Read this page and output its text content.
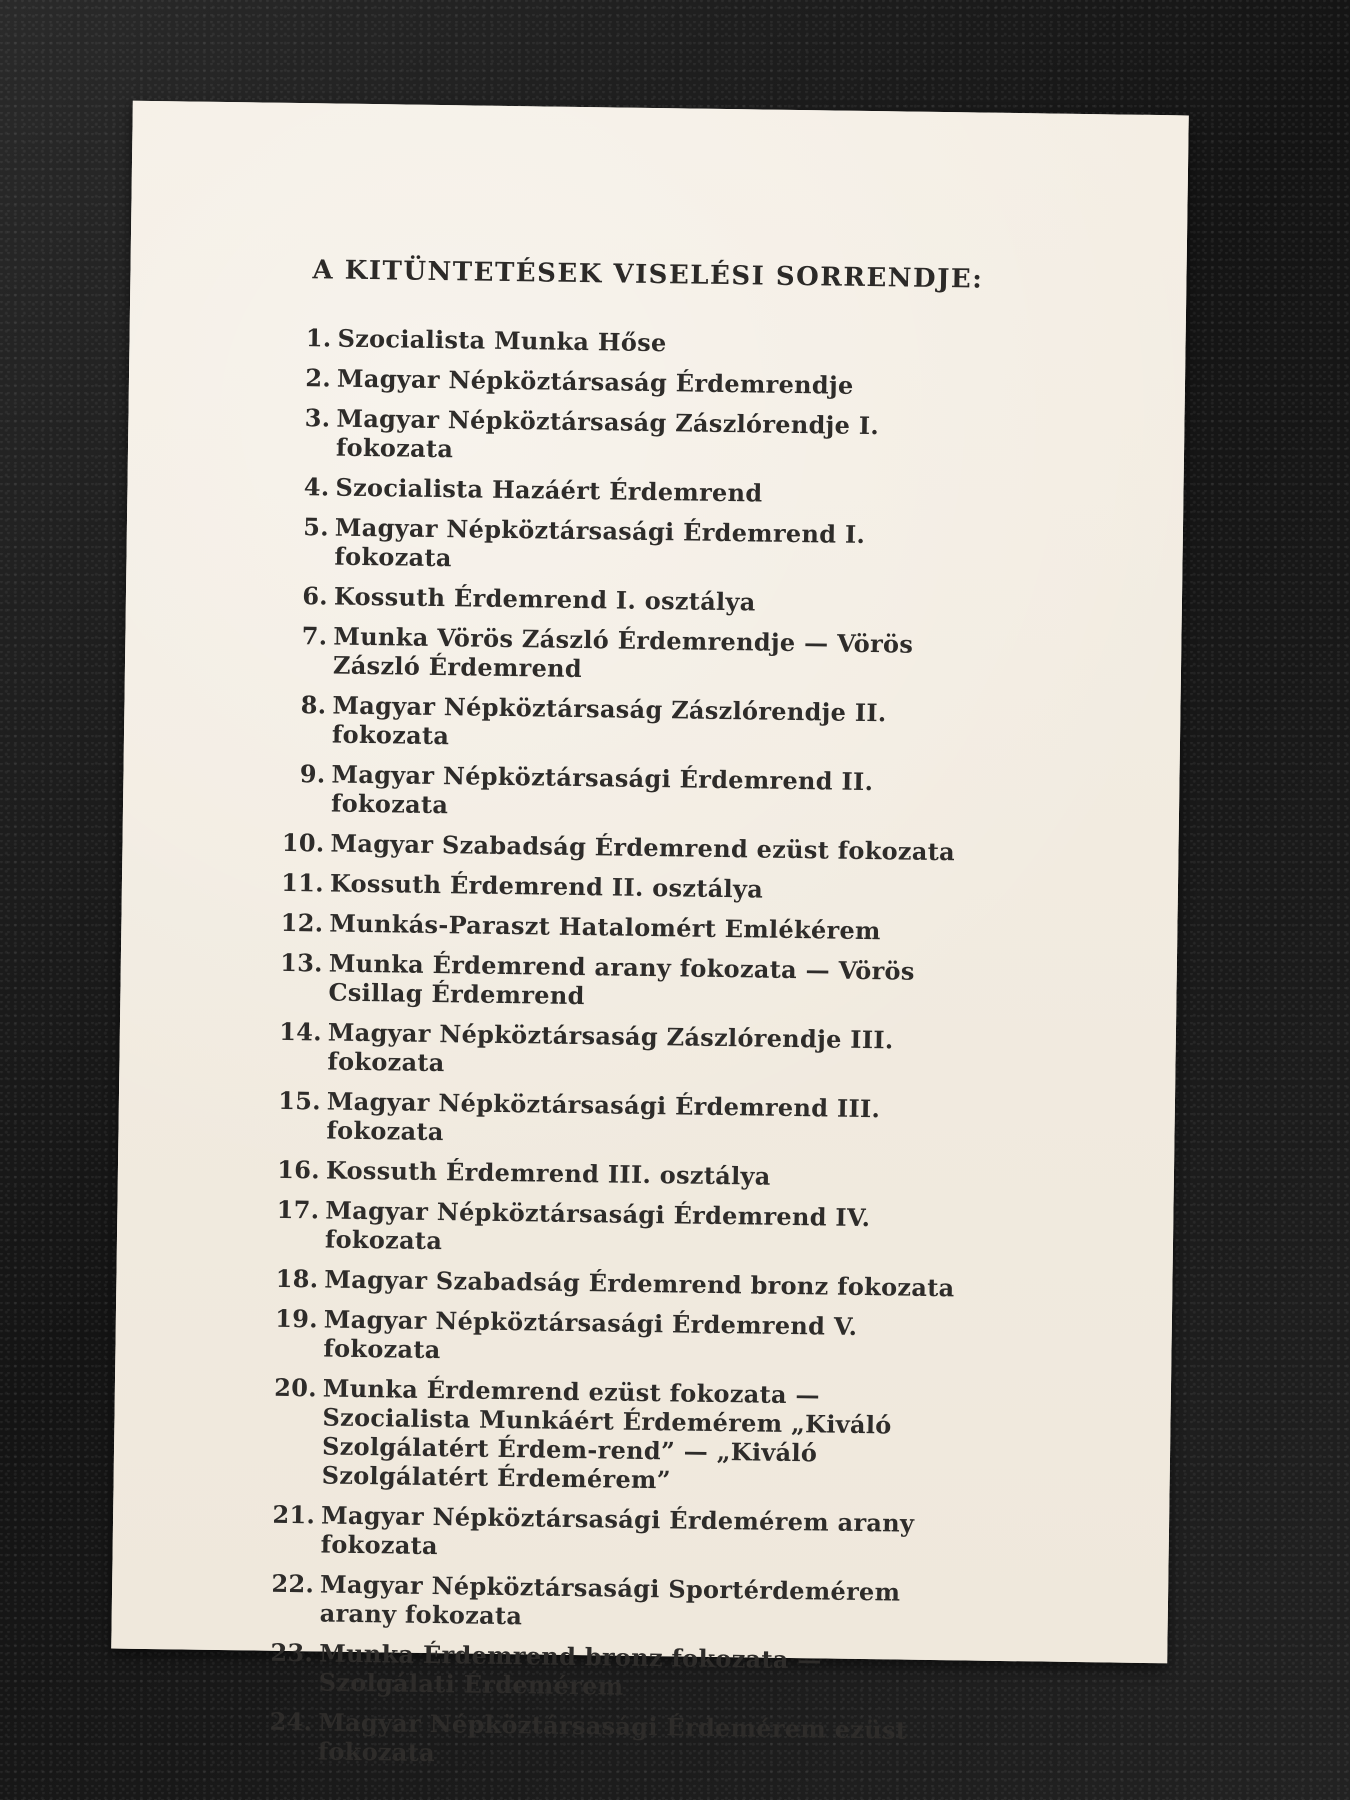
A KITÜNTETÉSEK VISELÉSI SORRENDJE:
1. Szocialista Munka Hőse
2. Magyar Népköztársaság Érdemrendje
3. Magyar Népköztársaság Zászlórendje I. fokozata
4. Szocialista Hazáért Érdemrend
5. Magyar Népköztársasági Érdemrend I. fokozata
6. Kossuth Érdemrend I. osztálya
7. Munka Vörös Zászló Érdemrendje — Vörös Zászló Érdemrend
8. Magyar Népköztársaság Zászlórendje II. fokozata
9. Magyar Népköztársasági Érdemrend II. fokozata
10. Magyar Szabadság Érdemrend ezüst fokozata
11. Kossuth Érdemrend II. osztálya
12. Munkás-Paraszt Hatalomért Emlékérem
13. Munka Érdemrend arany fokozata — Vörös Csillag Érdemrend
14. Magyar Népköztársaság Zászlórendje III. fokozata
15. Magyar Népköztársasági Érdemrend III. fokozata
16. Kossuth Érdemrend III. osztálya
17. Magyar Népköztársasági Érdemrend IV. fokozata
18. Magyar Szabadság Érdemrend bronz fokozata
19. Magyar Népköztársasági Érdemrend V. fokozata
20. Munka Érdemrend ezüst fokozata — Szocialista Munkáért Érdemérem „Kiváló Szolgálatért Érdem-rend” — „Kiváló Szolgálatért Érdemérem”
21. Magyar Népköztársasági Érdemérem arany fokozata
22. Magyar Népköztársasági Sportérdemérem arany fokozata
23. Munka Érdemrend bronz fokozata — Szolgálati Érdemérem
24. Magyar Népköztársasági Érdemérem ezüst fokozata
